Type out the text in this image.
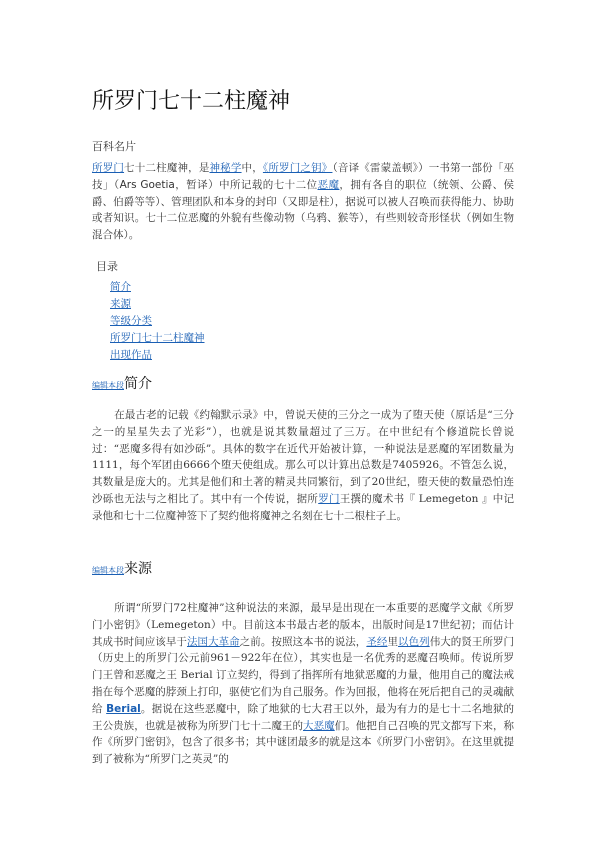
所罗门七十二柱魔神
百科名片
所罗门七十二柱魔神，是神秘学中，《所罗门之钥》（音译《雷蒙盖顿》）一书第一部份「巫技」（Ars Goetia，暂译）中所记载的七十二位恶魔，拥有各自的职位（统领、公爵、侯爵、伯爵等等）、管理团队和本身的封印（又即是柱），据说可以被人召唤而获得能力、协助或者知识。七十二位恶魔的外貌有些像动物（乌鸦、猴等），有些则较奇形怪状（例如生物混合体）。
目录
简介
来源
等级分类
所罗门七十二柱魔神
出现作品
编辑本段简介
在最古老的记载《约翰默示录》中，曾说天使的三分之一成为了堕天使（原话是“三分之一的星星失去了光彩”），也就是说其数量超过了三万。在中世纪有个修道院长曾说过：“恶魔多得有如沙砾”。具体的数字在近代开始被计算，一种说法是恶魔的军团数量为1111，每个军团由6666个堕天使组成。那么可以计算出总数是7405926。不管怎么说，其数量是庞大的。尤其是他们和土著的精灵共同繁衍，到了20世纪，堕天使的数量恐怕连沙砾也无法与之相比了。其中有一个传说，据所罗门王撰的魔术书『 Lemegeton 』中记录他和七十二位魔神签下了契约他将魔神之名刻在七十二根柱子上。
编辑本段来源
所谓“所罗门72柱魔神”这种说法的来源，最早是出现在一本重要的恶魔学文献《所罗门小密钥》（Lemegeton）中。目前这本书最古老的版本，出版时间是17世纪初；而估计其成书时间应该早于法国大革命之前。按照这本书的说法，圣经里以色列伟大的贤王所罗门（历史上的所罗门公元前961－922年在位），其实也是一名优秀的恶魔召唤师。传说所罗门王曾和恶魔之王 Berial 订立契约，得到了指挥所有地狱恶魔的力量，他用自己的魔法戒指在每个恶魔的脖颈上打印，驱使它们为自己服务。作为回报，他将在死后把自己的灵魂献给 Berial。据说在这些恶魔中，除了地狱的七大君王以外，最为有力的是七十二名地狱的王公贵族，也就是被称为所罗门七十二魔王的大恶魔们。他把自己召唤的咒文都写下来，称作《所罗门密钥》，包含了很多书；其中谜团最多的就是这本《所罗门小密钥》。在这里就提到了被称为“所罗门之英灵”的
